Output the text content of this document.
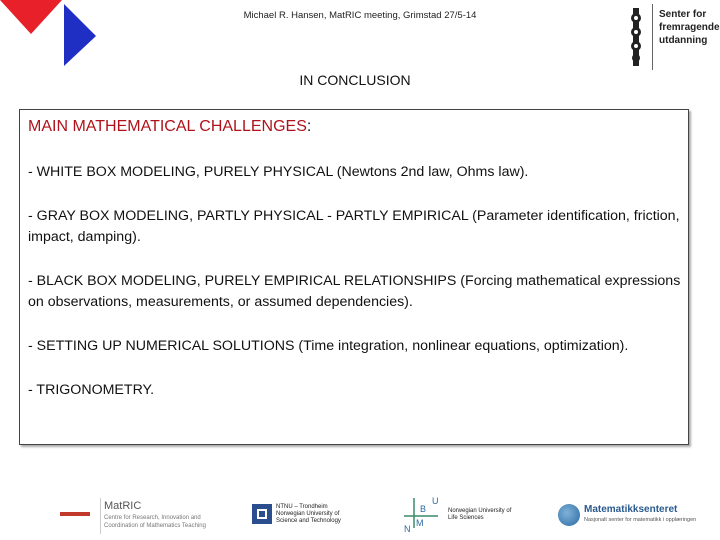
Michael R. Hansen, MatRIC meeting, Grimstad 27/5-14	Senter for
fremragende
utdanning
IN CONCLUSION
MAIN MATHEMATICAL CHALLENGES:
- WHITE BOX MODELING, PURELY PHYSICAL (Newtons 2nd law, Ohms law).
- GRAY BOX MODELING, PARTLY PHYSICAL - PARTLY EMPIRICAL (Parameter identification, friction, impact, damping).
- BLACK BOX MODELING, PURELY EMPIRICAL RELATIONSHIPS (Forcing mathematical expressions on observations, measurements, or assumed dependencies).
- SETTING UP NUMERICAL SOLUTIONS (Time integration, nonlinear equations, optimization).
- TRIGONOMETRY.
MatRIC
Centre for Research, Innovation and Coordination of Mathematics Teaching
NTNU – Trondheim Norwegian University of Science and Technology
N
B
M
U
Norwegian University of Life Sciences
Matematikksenteret
Nasjonalt senter for matematikk i opplæringen
